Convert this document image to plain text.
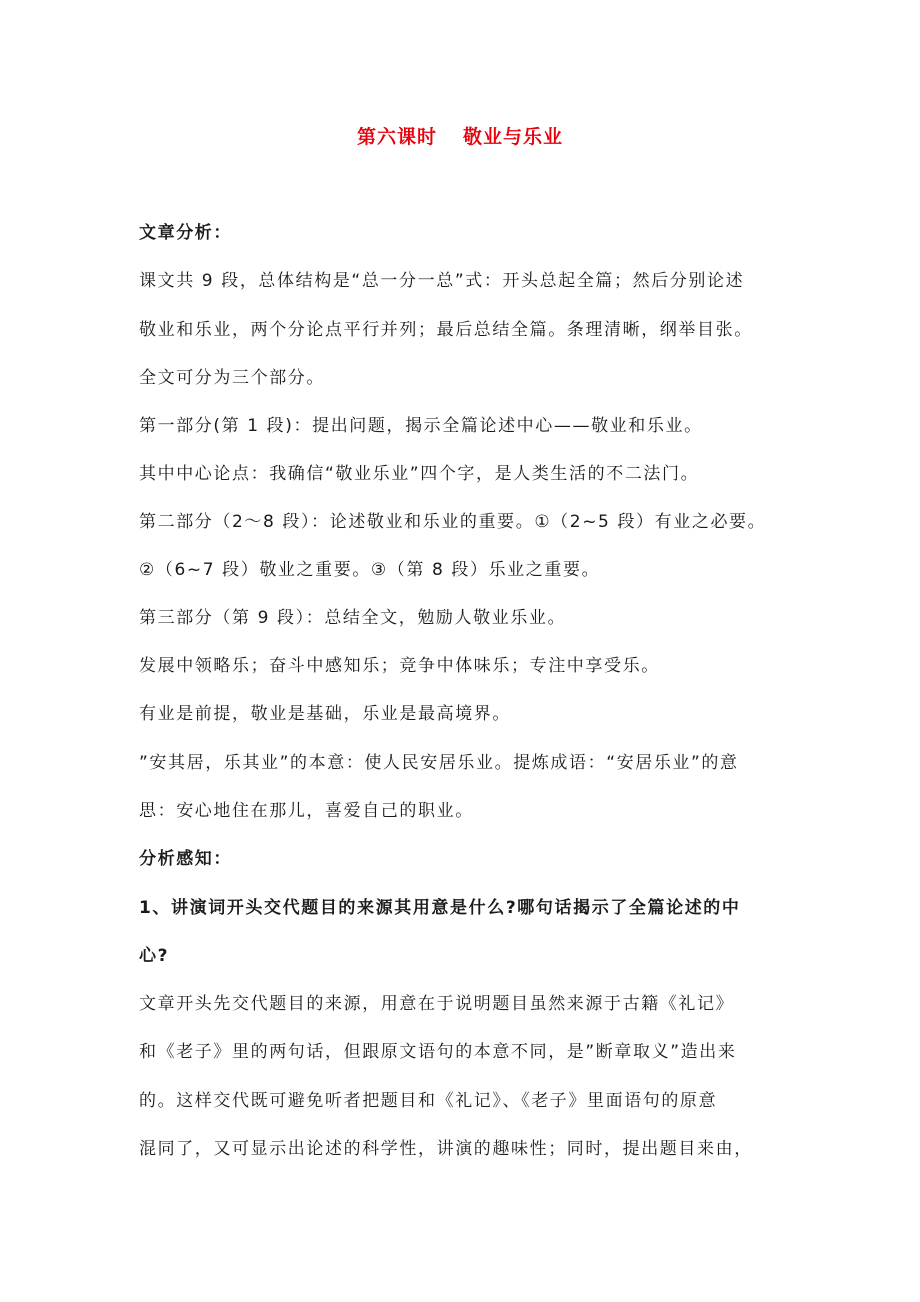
第六课时 敬业与乐业
文章分析：
课文共 9 段，总体结构是“总一分一总”式：开头总起全篇；然后分别论述
敬业和乐业，两个分论点平行并列；最后总结全篇。条理清晰，纲举目张。
全文可分为三个部分。
第一部分(第 1 段)：提出问题，揭示全篇论述中心——敬业和乐业。
其中中心论点：我确信“敬业乐业”四个字，是人类生活的不二法门。
第二部分（2～8 段）：论述敬业和乐业的重要。①（2~5 段）有业之必要。
②（6~7 段）敬业之重要。③（第 8 段）乐业之重要。
第三部分（第 9 段）：总结全文，勉励人敬业乐业。
发展中领略乐；奋斗中感知乐；竞争中体味乐；专注中享受乐。
有业是前提，敬业是基础，乐业是最高境界。
”安其居，乐其业”的本意：使人民安居乐业。提炼成语：“安居乐业”的意
思：安心地住在那儿，喜爱自己的职业。
分析感知：
1、讲演词开头交代题目的来源其用意是什么?哪句话揭示了全篇论述的中
心?
文章开头先交代题目的来源，用意在于说明题目虽然来源于古籍《礼记》
和《老子》里的两句话，但跟原文语句的本意不同，是”断章取义”造出来
的。这样交代既可避免听者把题目和《礼记》、《老子》里面语句的原意
混同了，又可显示出论述的科学性，讲演的趣味性；同时，提出题目来由，
